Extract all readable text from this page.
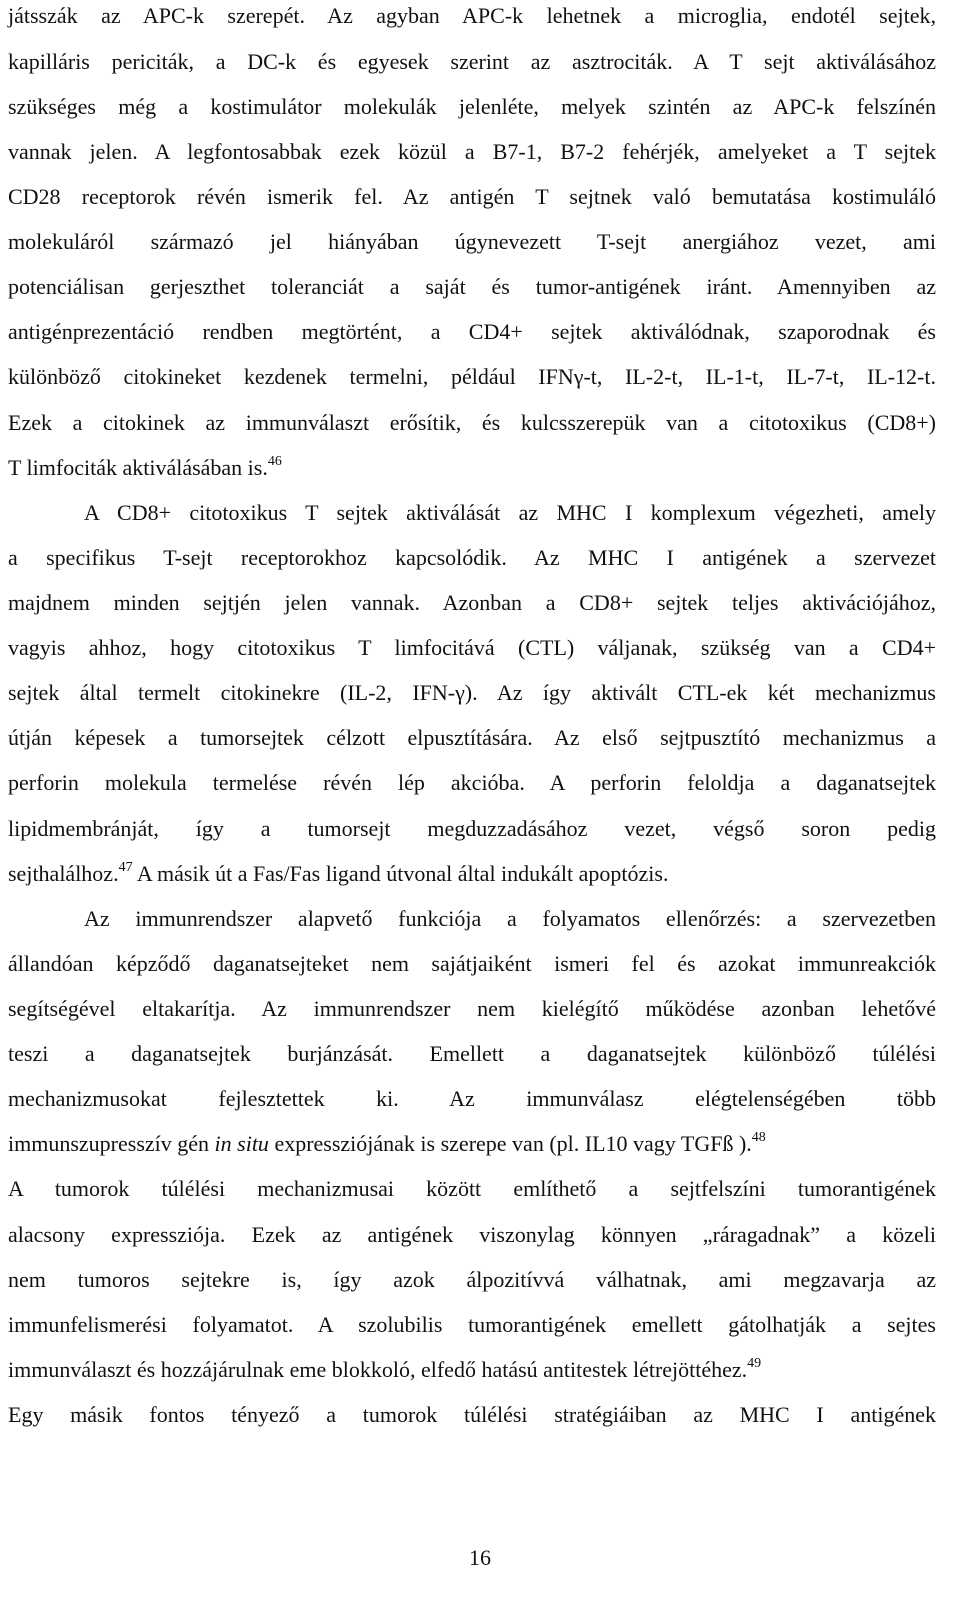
játsszák az APC-k szerepét. Az agyban APC-k lehetnek a microglia, endotél sejtek,
kapilláris periciták, a DC-k és egyesek szerint az asztrociták. A T sejt aktiválásához
szükséges még a kostimulátor molekulák jelenléte, melyek szintén az APC-k felszínén
vannak jelen. A legfontosabbak ezek közül a B7-1, B7-2 fehérjék, amelyeket a T sejtek
CD28 receptorok révén ismerik fel. Az antigén T sejtnek való bemutatása kostimuláló
molekuláról származó jel hiányában úgynevezett T-sejt anergiához vezet, ami
potenciálisan gerjeszthet toleranciát a saját és tumor-antigének iránt. Amennyiben az
antigénprezentáció rendben megtörtént, a CD4+ sejtek aktiválódnak, szaporodnak és
különböző citokineket kezdenek termelni, például IFNγ-t, IL-2-t, IL-1-t, IL-7-t, IL-12-t.
Ezek a citokinek az immunválaszt erősítik, és kulcsszerepük van a citotoxikus (CD8+)
T limfociták aktiválásában is.$^{46}$
A CD8+ citotoxikus T sejtek aktiválását az MHC I komplexum végezheti, amely
a specifikus T-sejt receptorokhoz kapcsolódik. Az MHC I antigének a szervezet
majdnem minden sejtjén jelen vannak. Azonban a CD8+ sejtek teljes aktivációjához,
vagyis ahhoz, hogy citotoxikus T limfocitává (CTL) váljanak, szükség van a CD4+
sejtek által termelt citokinekre (IL-2, IFN-γ). Az így aktivált CTL-ek két mechanizmus
útján képesek a tumorsejtek célzott elpusztítására. Az első sejtpusztító mechanizmus a
perforin molekula termelése révén lép akcióba. A perforin feloldja a daganatsejtek
lipidmembránját, így a tumorsejt megduzzadásához vezet, végső soron pedig
sejthalálhoz.$^{47}$ A másik út a Fas/Fas ligand útvonal által indukált apoptózis.
Az immunrendszer alapvető funkciója a folyamatos ellenőrzés: a szervezetben
állandóan képződő daganatsejteket nem sajátjaiként ismeri fel és azokat immunreakciók
segítségével eltakarítja. Az immunrendszer nem kielégítő működése azonban lehetővé
teszi a daganatsejtek burjánzását. Emellett a daganatsejtek különböző túlélési
mechanizmusokat fejlesztettek ki. Az immunválasz elégtelenségében több
immunszupresszív gén in situ expressziójának is szerepe van (pl. IL10 vagy TGFß ).$^{48}$
A tumorok túlélési mechanizmusai között említhető a sejtfelszíni tumorantigének
alacsony expressziója. Ezek az antigének viszonylag könnyen „ráragadnak” a közeli
nem tumoros sejtekre is, így azok álpozitívvá válhatnak, ami megzavarja az
immunfelismerési folyamatot. A szolubilis tumorantigének emellett gátolhatják a sejtes
immunválaszt és hozzájárulnak eme blokkoló, elfedő hatású antitestek létrejöttéhez.$^{49}$
Egy másik fontos tényező a tumorok túlélési stratégiáiban az MHC I antigének
16
